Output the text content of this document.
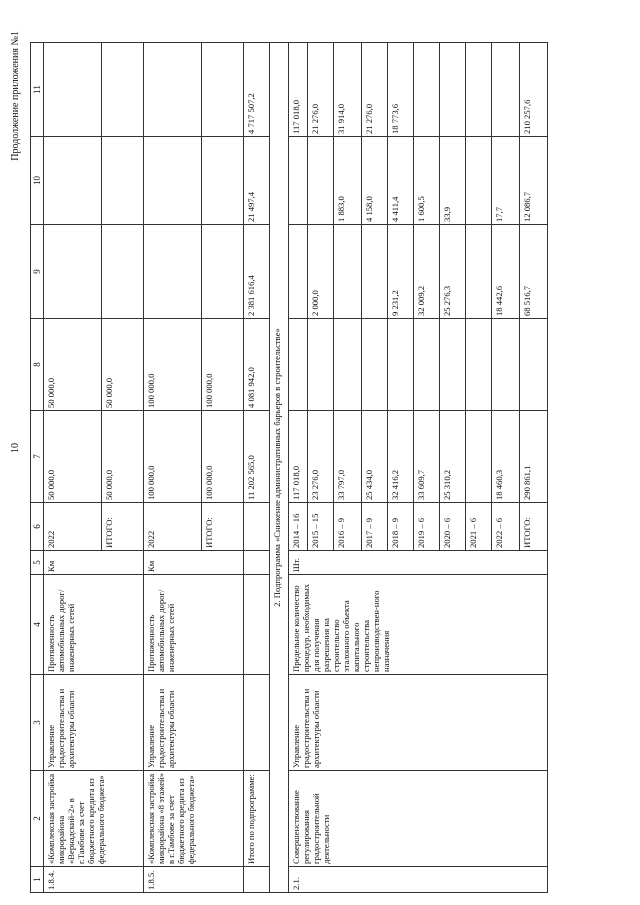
10
Продолжение приложения №1
1	2	3	4	5	6	7	8	9	10	11
1.8.4.	«Комплексная застройка микрорайона «Вернадский-2» в г.Тамбове за счет бюджетного кредита из федерального бюджета»	Управление градостроительства и архитектуры области	Протяженность автомобильных дорог/инженерных сетей	Км	2022	50 000,0	50 000,0			
					ИТОГО:	50 000,0	50 000,0			
1.8.5.	«Комплексная застройка микрорайона «8 этажей» в г.Тамбове за счет бюджетного кредита из федерального бюджета»	Управление градостроительства и архитектуры области	Протяженность автомобильных дорог/инженерных сетей	Км	2022	100 000,0	100 000,0			
					ИТОГО:	100 000,0	100 000,0			
	Итого по подпрограмме:					11 202 565,0	4 081 942,0	2 381 616,4	21 497,4	4 717 507,2
2. Подпрограмма «Снижение административных барьеров в строительстве»										
2.1.	Совершенствование регулирования градостроительной деятельности	Управление градостроительства и архитектуры области	Предельное количество процедур, необходимых для получения разрешения на строительство эталонного объекта капитального строительства непроизводствен-ного назначения	Шт.	2014 – 16	117 018,0				117 018,0
					2015 – 15	23 276,0		2 000,0		21 276,0
					2016 – 9	33 797,0			1 883,0	31 914,0
					2017 – 9	25 434,0			4 158,0	21 276,0
					2018 – 9	32 416,2		9 231,2	4 411,4	18 773,6
					2019 – 6	33 609,7		32 009,2	1 600,5	
					2020 – 6	25 310,2		25 276,3	33,9	
					2021 – 6					
					2022 – 6	18 460,3		18 442,6	17,7	
					ИТОГО:	290 861,1		68 516,7	12 086,7	210 257,6
